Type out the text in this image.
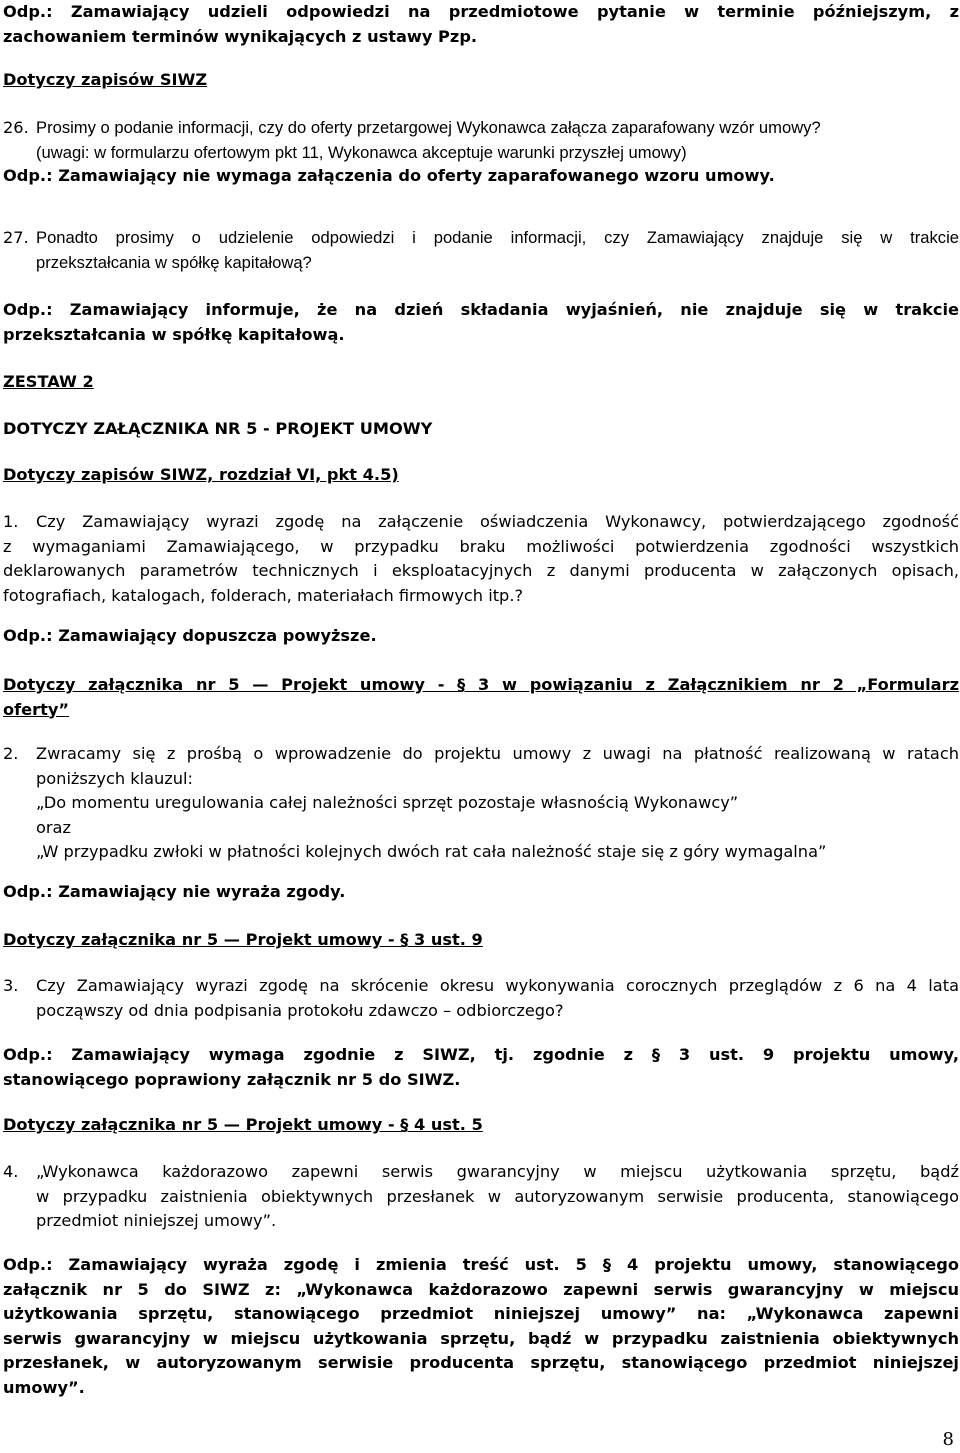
Odp.: Zamawiający udzieli odpowiedzi na przedmiotowe pytanie w terminie późniejszym, z
zachowaniem terminów wynikających z ustawy Pzp.

Dotyczy zapisów SIWZ

26. Prosimy o podanie informacji, czy do oferty przetargowej Wykonawca załącza zaparafowany wzór umowy?
(uwagi: w formularzu ofertowym pkt 11, Wykonawca akceptuje warunki przyszłej umowy)

Odp.: Zamawiający nie wymaga załączenia do oferty zaparafowanego wzoru umowy.

27. Ponadto prosimy o udzielenie odpowiedzi i podanie informacji, czy Zamawiający znajduje się w trakcie
przekształcania w spółkę kapitałową?

Odp.: Zamawiający informuje, że na dzień składania wyjaśnień, nie znajduje się w trakcie
przekształcania w spółkę kapitałową.

ZESTAW 2

DOTYCZY ZAŁĄCZNIKA NR 5 - PROJEKT UMOWY

Dotyczy zapisów SIWZ, rozdział VI, pkt 4.5)

1.	Czy Zamawiający wyrazi zgodę na załączenie oświadczenia Wykonawcy, potwierdzającego zgodność
z wymaganiami Zamawiającego, w przypadku braku możliwości potwierdzenia zgodności wszystkich
deklarowanych parametrów technicznych i eksploatacyjnych z danymi producenta w załączonych opisach,
fotografiach, katalogach, folderach, materiałach firmowych itp.?

Odp.: Zamawiający dopuszcza powyższe.

Dotyczy załącznika nr 5 — Projekt umowy - § 3 w powiązaniu z Załącznikiem nr 2 „Formularz
oferty”

2. Zwracamy się z prośbą o wprowadzenie do projektu umowy z uwagi na płatność realizowaną w ratach
poniższych klauzul:
„Do momentu uregulowania całej należności sprzęt pozostaje własnością Wykonawcy”
oraz
„W przypadku zwłoki w płatności kolejnych dwóch rat cała należność staje się z góry wymagalna”

Odp.: Zamawiający nie wyraża zgody.

Dotyczy załącznika nr 5 — Projekt umowy - § 3 ust. 9

3. Czy Zamawiający wyrazi zgodę na skrócenie okresu wykonywania corocznych przeglądów z 6 na 4 lata
począwszy od dnia podpisania protokołu zdawczo – odbiorczego?

Odp.: Zamawiający wymaga zgodnie z SIWZ, tj. zgodnie z § 3 ust. 9 projektu umowy,
stanowiącego poprawiony załącznik nr 5 do SIWZ.

Dotyczy załącznika nr 5 — Projekt umowy - § 4 ust. 5

4. „Wykonawca każdorazowo zapewni serwis gwarancyjny w miejscu użytkowania sprzętu, bądź
w przypadku zaistnienia obiektywnych przesłanek w autoryzowanym serwisie producenta, stanowiącego
przedmiot niniejszej umowy”.

Odp.: Zamawiający wyraża zgodę i zmienia treść ust. 5 § 4 projektu umowy, stanowiącego
załącznik nr 5 do SIWZ z: „Wykonawca każdorazowo zapewni serwis gwarancyjny w miejscu
użytkowania sprzętu, stanowiącego przedmiot niniejszej umowy” na: „Wykonawca zapewni
serwis gwarancyjny w miejscu użytkowania sprzętu, bądź w przypadku zaistnienia obiektywnych
przesłanek, w autoryzowanym serwisie producenta sprzętu, stanowiącego przedmiot niniejszej
umowy”.

8
